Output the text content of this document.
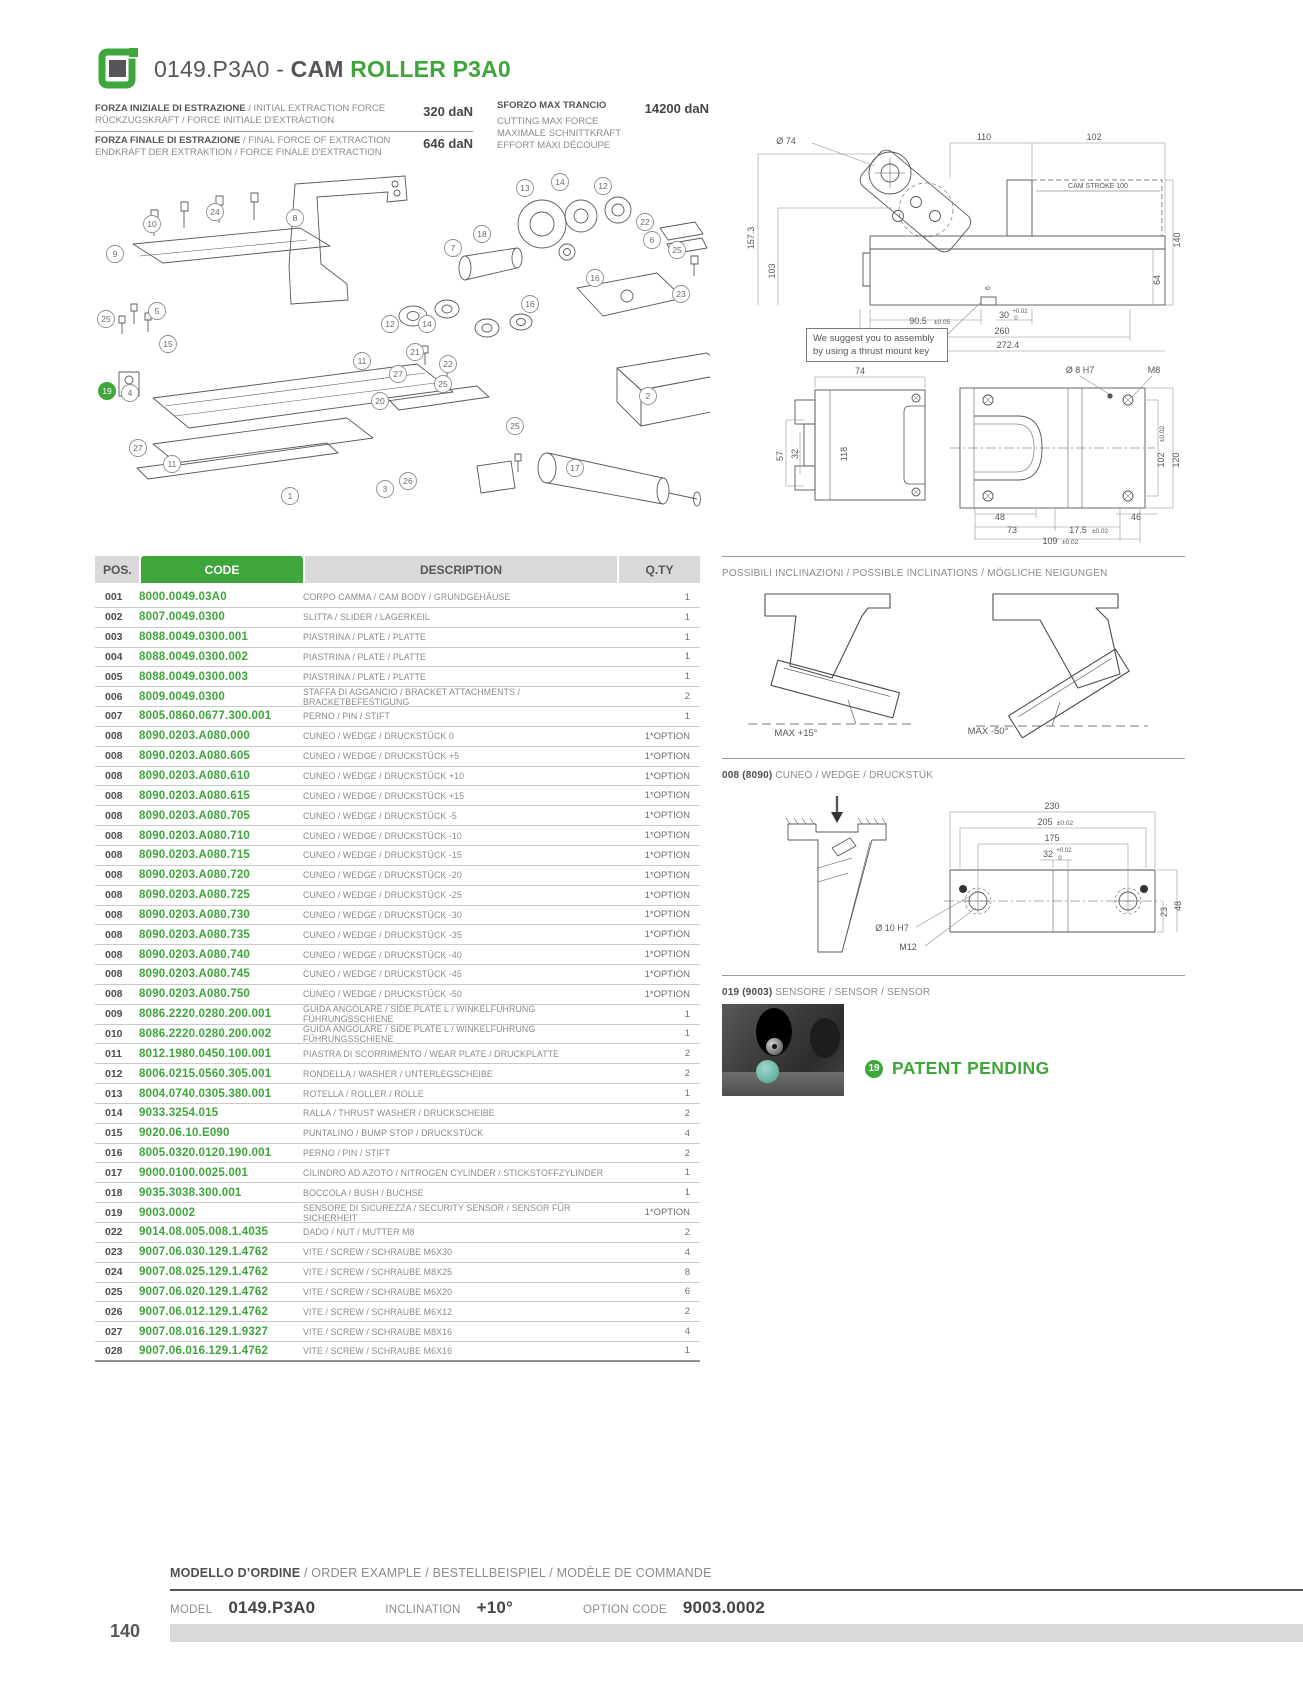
0149.P3A0 - CAM ROLLER P3A0
FORZA INIZIALE DI ESTRAZIONE / INITIAL EXTRACTION FORCE
RÜCKZUGSKRAFT / FORCE INITIALE D'EXTRACTION
320 daN
FORZA FINALE DI ESTRAZIONE / FINAL FORCE OF EXTRACTION
ENDKRAFT DER EXTRAKTION / FORCE FINALE D'EXTRACTION
646 daN
SFORZO MAX TRANCIO	14200 daN
CUTTING MAX FORCE
MAXIMALE SCHNITTKRAFT
EFFORT MAXI DÉCOUPE
13
14	12
24
8
10
9
18
7
22
6
25
16
23
5
25
15
12	14
16
11
21
27
22
25
19 4
20	2
25
17
27
11
1
3
26
POS.	CODE	DESCRIPTION	Q.TY
001	8000.0049.03A0	CORPO CAMMA / CAM BODY / GRUNDGEHÄUSE	1
002	8007.0049.0300	SLITTA / SLIDER / LAGERKEIL	1
003	8088.0049.0300.001	PIASTRINA / PLATE / PLATTE	1
004	8088.0049.0300.002	PIASTRINA / PLATE / PLATTE	1
005	8088.0049.0300.003	PIASTRINA / PLATE / PLATTE	1
006	8009.0049.0300	STAFFA DI AGGANCIO / BRACKET ATTACHMENTS / BRACKETBEFESTIGUNG	2
007	8005.0860.0677.300.001	PERNO / PIN / STIFT	1
008	8090.0203.A080.000	CUNEO / WEDGE / DRUCKSTÜCK 0	1*OPTION
008	8090.0203.A080.605	CUNEO / WEDGE / DRUCKSTÜCK +5	1*OPTION
008	8090.0203.A080.610	CUNEO / WEDGE / DRUCKSTÜCK +10	1*OPTION
008	8090.0203.A080.615	CUNEO / WEDGE / DRUCKSTÜCK +15	1*OPTION
008	8090.0203.A080.705	CUNEO / WEDGE / DRUCKSTÜCK -5	1*OPTION
008	8090.0203.A080.710	CUNEO / WEDGE / DRUCKSTÜCK -10	1*OPTION
008	8090.0203.A080.715	CUNEO / WEDGE / DRUCKSTÜCK -15	1*OPTION
008	8090.0203.A080.720	CUNEO / WEDGE / DRUCKSTÜCK -20	1*OPTION
008	8090.0203.A080.725	CUNEO / WEDGE / DRUCKSTÜCK -25	1*OPTION
008	8090.0203.A080.730	CUNEO / WEDGE / DRUCKSTÜCK -30	1*OPTION
008	8090.0203.A080.735	CUNEO / WEDGE / DRUCKSTÜCK -35	1*OPTION
008	8090.0203.A080.740	CUNEO / WEDGE / DRUCKSTÜCK -40	1*OPTION
008	8090.0203.A080.745	CUNEO / WEDGE / DRUCKSTÜCK -45	1*OPTION
008	8090.0203.A080.750	CUNEO / WEDGE / DRUCKSTÜCK -50	1*OPTION
009	8086.2220.0280.200.001	GUIDA ANGOLARE / SIDE PLATE L / WINKELFÜHRUNG FÜHRUNGSSCHIENE	1
010	8086.2220.0280.200.002	GUIDA ANGOLARE / SIDE PLATE L / WINKELFÜHRUNG FÜHRUNGSSCHIENE	1
011	8012.1980.0450.100.001	PIASTRA DI SCORRIMENTO / WEAR PLATE / DRUCKPLATTE	2
012	8006.0215.0560.305.001	RONDELLA / WASHER / UNTERLEGSCHEIBE	2
013	8004.0740.0305.380.001	ROTELLA / ROLLER / ROLLE	1
014	9033.3254.015	RALLA / THRUST WASHER / DRUCKSCHEIBE	2
015	9020.06.10.E090	PUNTALINO / BUMP STOP / DRUCKSTÜCK	4
016	8005.0320.0120.190.001	PERNO / PIN / STIFT	2
017	9000.0100.0025.001	CILINDRO AD AZOTO / NITROGEN CYLINDER / STICKSTOFFZYLINDER	1
018	9035.3038.300.001	BOCCOLA / BUSH / BUCHSE	1
019	9003.0002	SENSORE DI SICUREZZA / SECURITY SENSOR / SENSOR FÜR SICHERHEIT	1*OPTION
022	9014.08.005.008.1.4035	DADO / NUT / MUTTER M8	2
023	9007.06.030.129.1.4762	VITE / SCREW / SCHRAUBE M6X30	4
024	9007.08.025.129.1.4762	VITE / SCREW / SCHRAUBE M8X25	8
025	9007.06.020.129.1.4762	VITE / SCREW / SCHRAUBE M6X20	6
026	9007.06.012.129.1.4762	VITE / SCREW / SCHRAUBE M6X12	2
027	9007.08.016.129.1.9327	VITE / SCREW / SCHRAUBE M8X16	4
028	9007.06.016.129.1.4762	VITE / SCREW / SCHRAUBE M6X16	1
Ø 74	110	102
CAM STROKE 100
157.3
103
140
64
6
90.5 ±0.05
30 +0.02
0
260
272.4
We suggest you to assembly
by using a thrust mount key
74	Ø 8 H7	M8
57 32	118
48
73	17.5 ±0.02
109 ±0.02
46
102
±0.02
120
POSSIBILI INCLINAZIONI / POSSIBLE INCLINATIONS / MÖGLICHE NEIGUNGEN
MAX +15°	MAX -50°
008 (8090) CUNEO / WEDGE / DRUCKSTÜK
230
205 ±0.02
175
32 +0.02
0
Ø 10 H7
M12
23
48
019 (9003) SENSORE / SENSOR / SENSOR
19 PATENT PENDING
MODELLO D’ORDINE / ORDER EXAMPLE / BESTELLBEISPIEL / MODÈLE DE COMMANDE
MODEL 0149.P3A0	INCLINATION +10°	OPTION CODE 9003.0002
140
